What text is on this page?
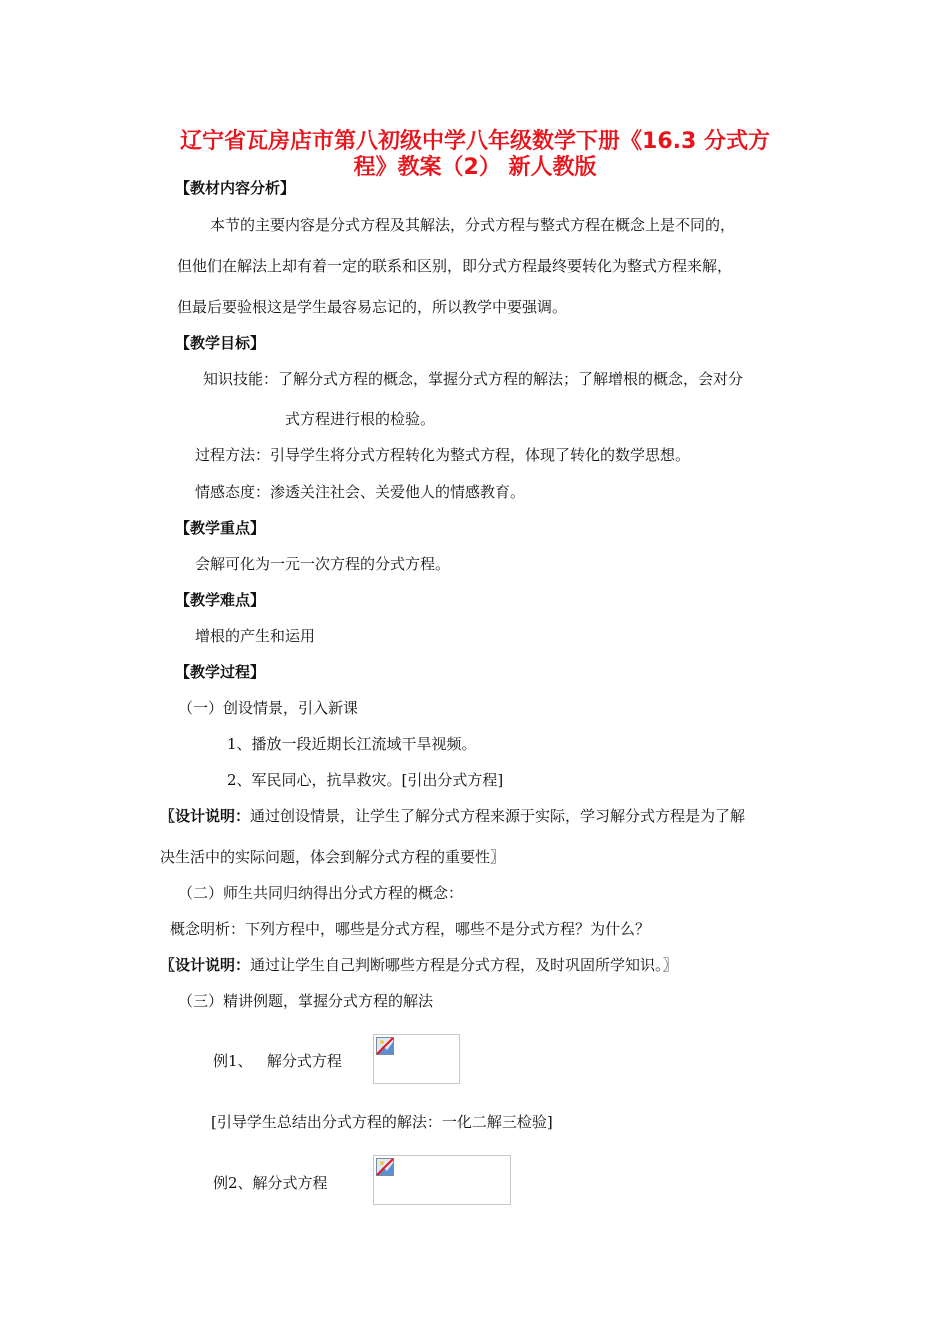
辽宁省瓦房店市第八初级中学八年级数学下册《16.3 分式方
程》教案（2） 新人教版
【教材内容分析】
本节的主要内容是分式方程及其解法，分式方程与整式方程在概念上是不同的，
但他们在解法上却有着一定的联系和区别，即分式方程最终要转化为整式方程来解，
但最后要验根这是学生最容易忘记的，所以教学中要强调。
【教学目标】
知识技能：了解分式方程的概念，掌握分式方程的解法；了解增根的概念，会对分
式方程进行根的检验。
过程方法：引导学生将分式方程转化为整式方程，体现了转化的数学思想。
情感态度：渗透关注社会、关爱他人的情感教育。
【教学重点】
会解可化为一元一次方程的分式方程。
【教学难点】
增根的产生和运用
【教学过程】
（一）创设情景，引入新课
1、播放一段近期长江流域干旱视频。
2、军民同心，抗旱救灾。[引出分式方程]
〖设计说明：通过创设情景，让学生了解分式方程来源于实际，学习解分式方程是为了解
决生活中的实际问题，体会到解分式方程的重要性〗
（二）师生共同归纳得出分式方程的概念：
概念明析：下列方程中，哪些是分式方程，哪些不是分式方程？为什么？
〖设计说明：通过让学生自己判断哪些方程是分式方程，及时巩固所学知识。〗
（三）精讲例题，掌握分式方程的解法
例1、   解分式方程
[引导学生总结出分式方程的解法：一化二解三检验]
例2、解分式方程
